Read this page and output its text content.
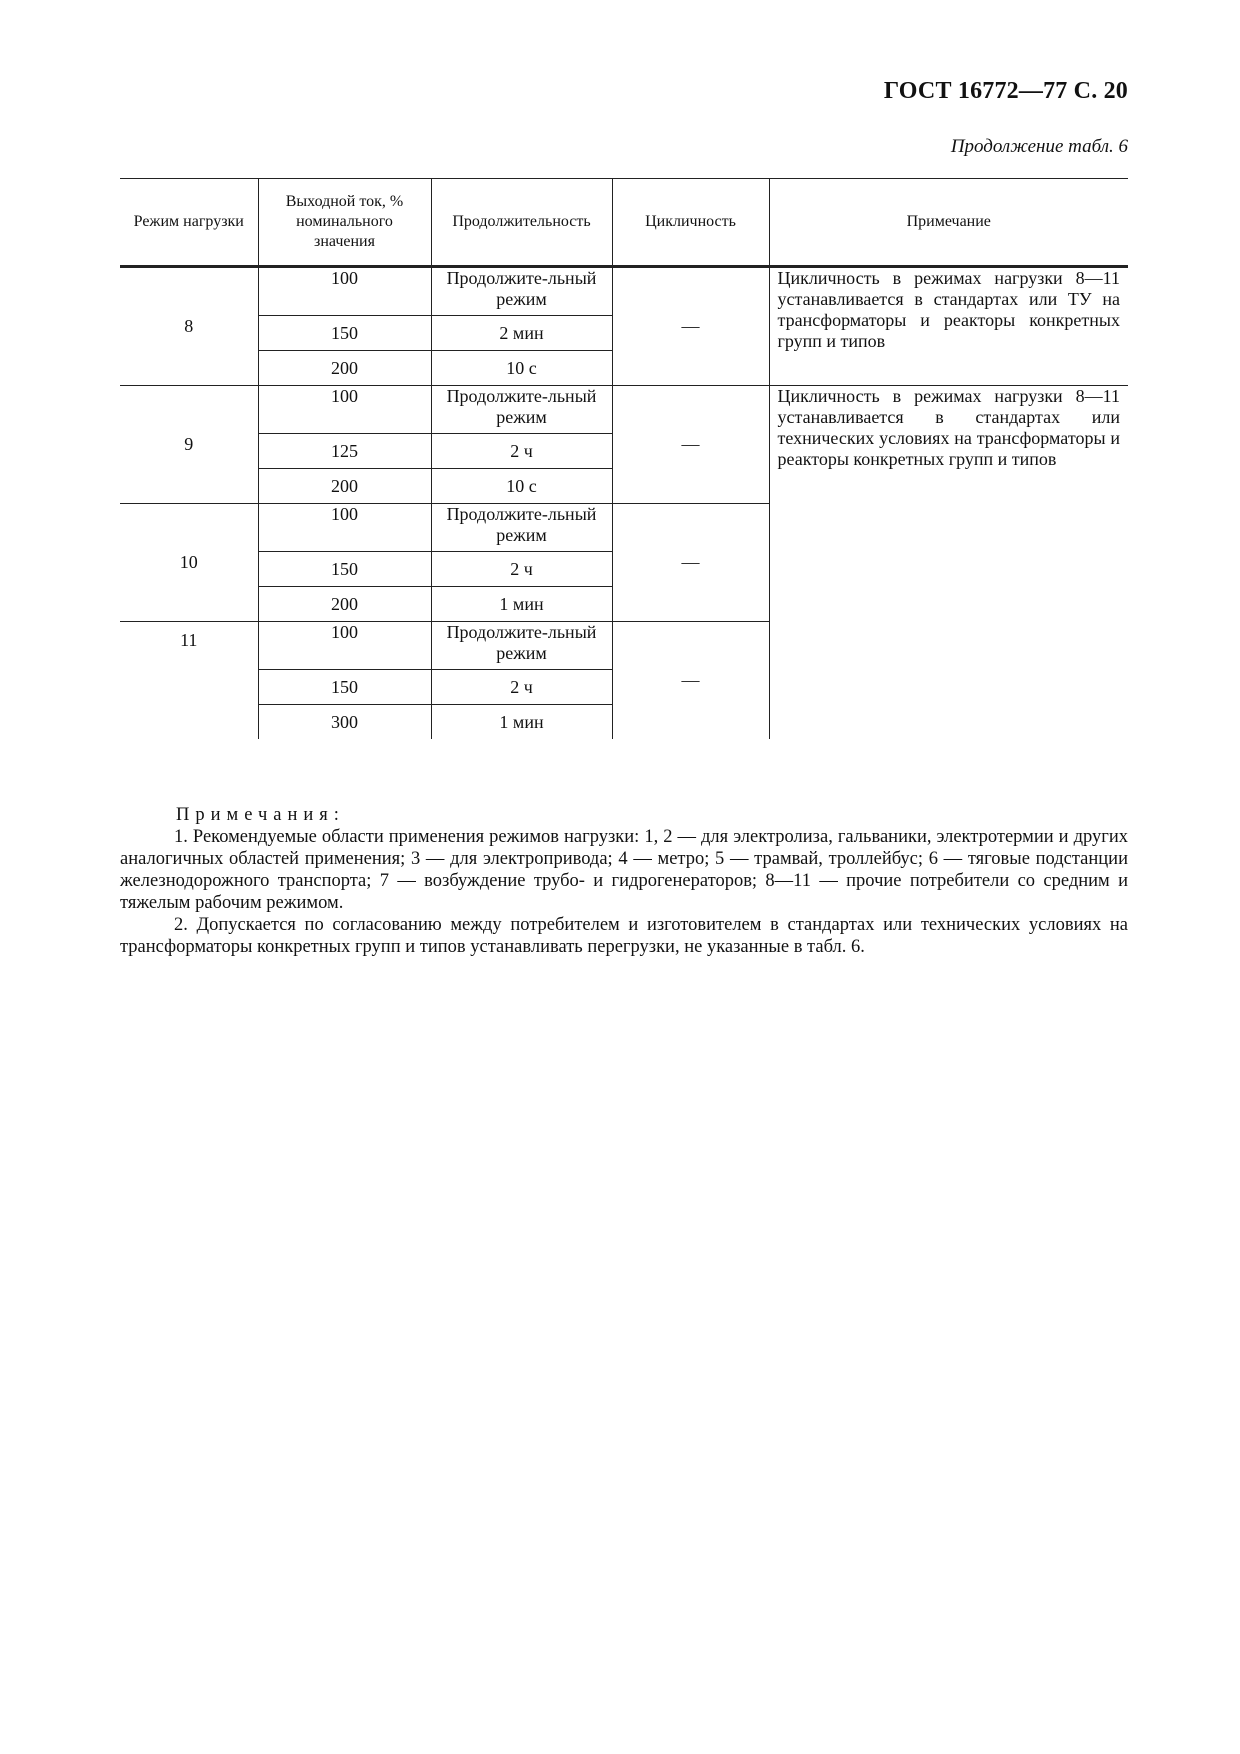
ГОСТ 16772—77 С. 20
Продолжение табл. 6
Режим нагрузки	Выходной ток, % номинального значения	Продолжительность	Цикличность	Примечание
8	100	Продолжите-льный режим	—	Цикличность в режимах нагрузки 8—11 устанавливается в стандартах или ТУ на трансформаторы и реакторы конкретных групп и типов

	150	2 мин		
	200	10 с		
9	100	Продолжите-льный режим	—	Цикличность в режимах нагрузки 8—11 устанавливается в стандартах или технических условиях на трансформаторы и реакторы конкретных групп и типов

	125	2 ч		
	200	10 с		
10	100	Продолжите-льный режим	—	
	150	2 ч		
	200	1 мин		
11	100	Продолжите-льный режим	—	
	150	2 ч		
	300	1 мин		
Примечания:

1. Рекомендуемые области применения режимов нагрузки: 1, 2 — для электролиза, гальваники, электротермии и других аналогичных областей применения; 3 — для электропривода; 4 — метро; 5 — трамвай, троллейбус; 6 — тяговые подстанции железнодорожного транспорта; 7 — возбуждение трубо- и гидрогенераторов; 8—11 — прочие потребители со средним и тяжелым рабочим режимом.

2. Допускается по согласованию между потребителем и изготовителем в стандартах или технических условиях на трансформаторы конкретных групп и типов устанавливать перегрузки, не указанные в табл. 6.
